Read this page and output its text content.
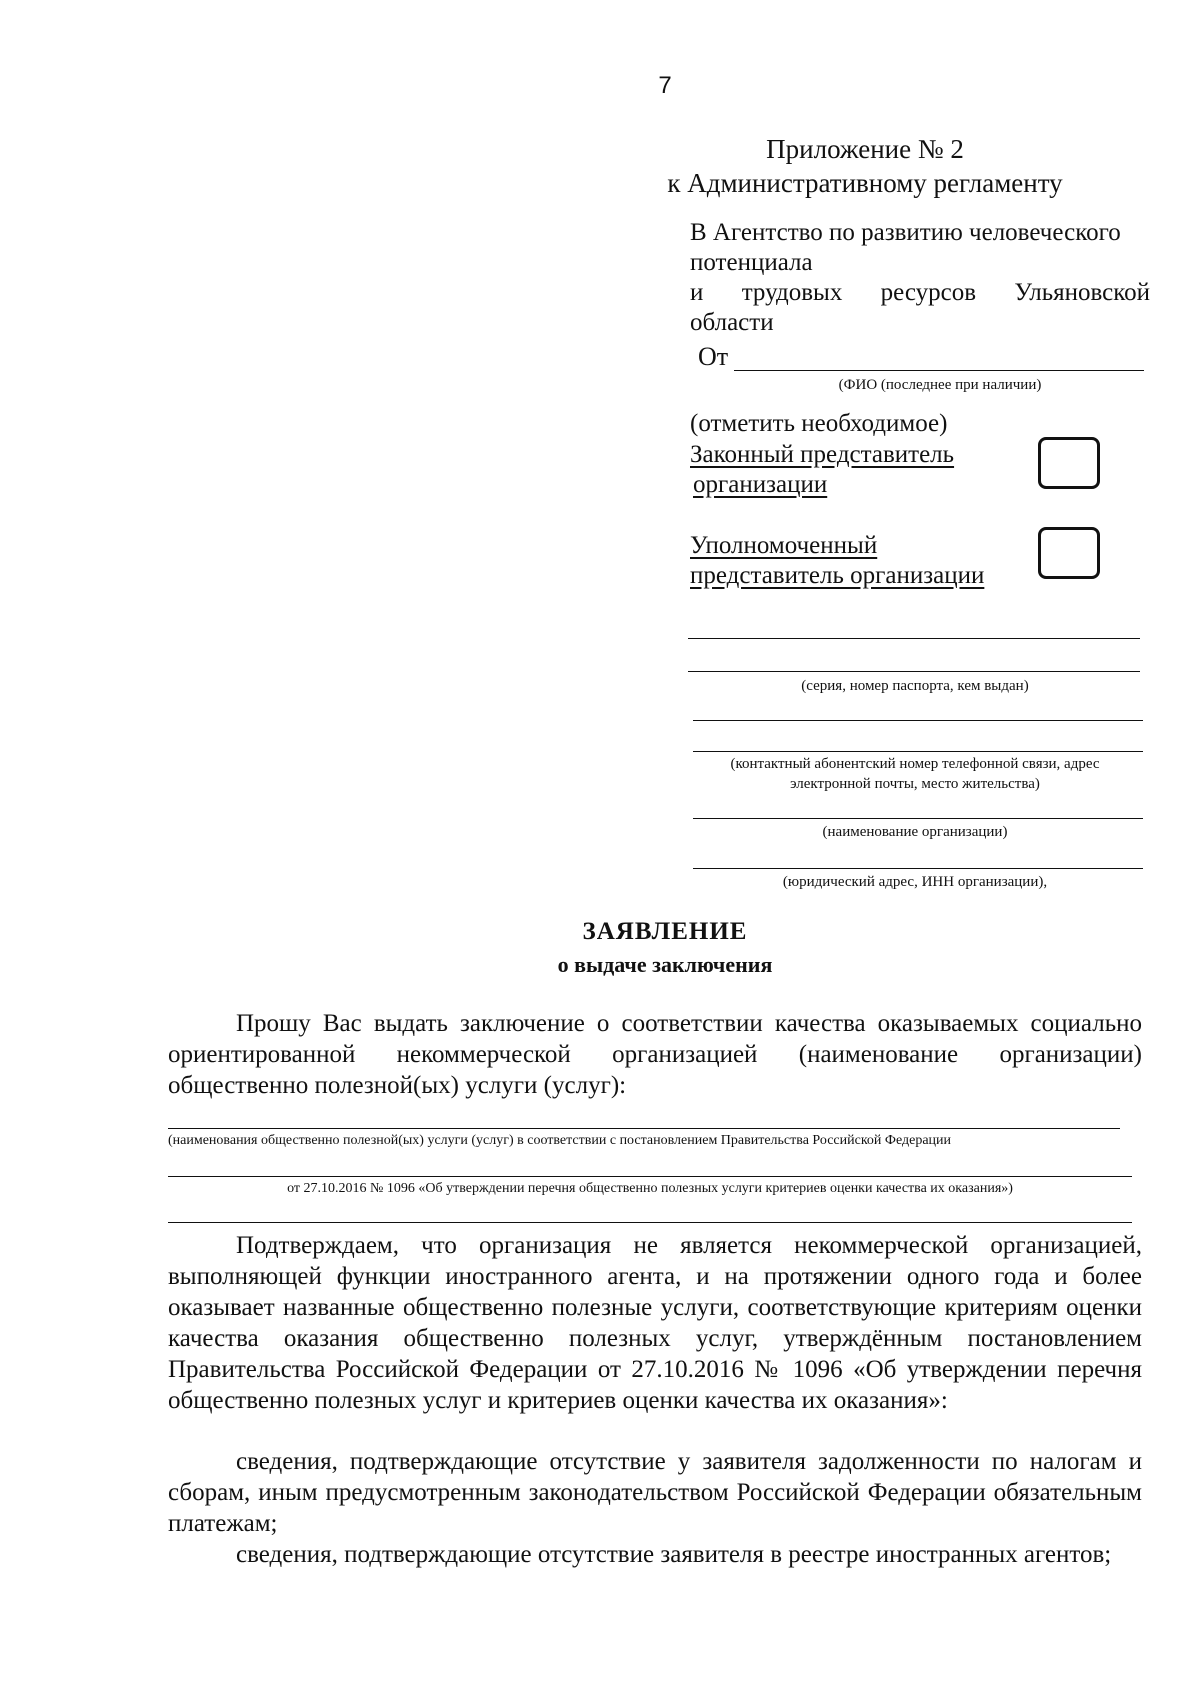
7
Приложение № 2
к Административному регламенту
В Агентство по развитию человеческого
потенциала
и трудовых ресурсов Ульяновской
области
От
(ФИО (последнее при наличии)
(отметить необходимое)
Законный представитель
организации
Уполномоченный
представитель организации
(серия, номер паспорта, кем выдан)
(контактный абонентский номер телефонной связи, адрес
электронной почты, место жительства)
(наименование организации)
(юридический адрес, ИНН организации),
ЗАЯВЛЕНИЕ
о выдаче заключения

Прошу Вас выдать заключение о соответствии качества оказываемых социально ориентированной некоммерческой организацией (наименование организации) общественно полезной(ых) услуги (услуг):

(наименования общественно полезной(ых) услуги (услуг) в соответствии с постановлением Правительства Российской Федерации
от 27.10.2016 № 1096 «Об утверждении перечня общественно полезных услуги критериев оценки качества их оказания»)

Подтверждаем, что организация не является некоммерческой организацией, выполняющей функции иностранного агента, и на протяжении одного года и более оказывает названные общественно полезные услуги, соответствующие критериям оценки качества оказания общественно полезных услуг, утверждённым постановлением Правительства Российской Федерации от 27.10.2016 № 1096 «Об утверждении перечня общественно полезных услуг и критериев оценки качества их оказания»:

сведения, подтверждающие отсутствие у заявителя задолженности по налогам и сборам, иным предусмотренным законодательством Российской Федерации обязательным платежам;

сведения, подтверждающие отсутствие заявителя в реестре иностранных агентов;
